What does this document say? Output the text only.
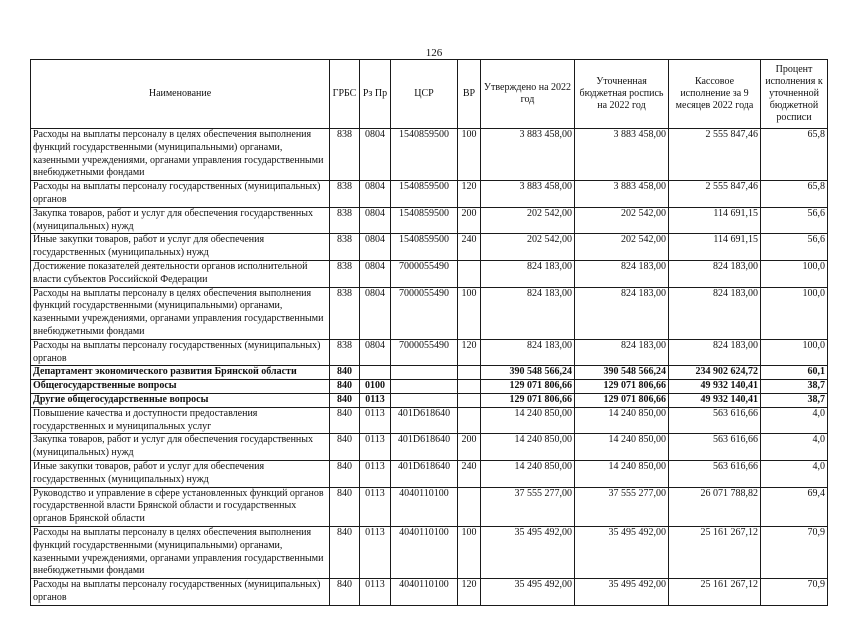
126
Наименование	ГРБС	Рз Пр	ЦСР	ВР	Утверждено на 2022 год	Уточненная бюджетная роспись на 2022 год	Кассовое исполнение за 9 месяцев 2022 года	Процент исполнения к уточненной бюджетной росписи
Расходы на выплаты персоналу в целях обеспечения выполнения функций государственными (муниципальными) органами, казенными учреждениями, органами управления государственными внебюджетными фондами	838	0804	1540859500	100	3 883 458,00	3 883 458,00	2 555 847,46	65,8
Расходы на выплаты персоналу государственных (муниципальных) органов	838	0804	1540859500	120	3 883 458,00	3 883 458,00	2 555 847,46	65,8
Закупка товаров, работ и услуг для обеспечения государственных (муниципальных) нужд	838	0804	1540859500	200	202 542,00	202 542,00	114 691,15	56,6
Иные закупки товаров, работ и услуг для обеспечения государственных (муниципальных) нужд	838	0804	1540859500	240	202 542,00	202 542,00	114 691,15	56,6
Достижение показателей деятельности органов исполнительной власти субъектов Российской Федерации	838	0804	7000055490		824 183,00	824 183,00	824 183,00	100,0
Расходы на выплаты персоналу в целях обеспечения выполнения функций государственными (муниципальными) органами, казенными учреждениями, органами управления государственными внебюджетными фондами	838	0804	7000055490	100	824 183,00	824 183,00	824 183,00	100,0
Расходы на выплаты персоналу государственных (муниципальных) органов	838	0804	7000055490	120	824 183,00	824 183,00	824 183,00	100,0
Департамент экономического развития Брянской области	840				390 548 566,24	390 548 566,24	234 902 624,72	60,1
Общегосударственные вопросы	840	0100			129 071 806,66	129 071 806,66	49 932 140,41	38,7
Другие общегосударственные вопросы	840	0113			129 071 806,66	129 071 806,66	49 932 140,41	38,7
Повышение качества и доступности предоставления государственных и муниципальных услуг	840	0113	401D618640		14 240 850,00	14 240 850,00	563 616,66	4,0
Закупка товаров, работ и услуг для обеспечения государственных (муниципальных) нужд	840	0113	401D618640	200	14 240 850,00	14 240 850,00	563 616,66	4,0
Иные закупки товаров, работ и услуг для обеспечения государственных (муниципальных) нужд	840	0113	401D618640	240	14 240 850,00	14 240 850,00	563 616,66	4,0
Руководство и управление в сфере установленных функций органов государственной власти Брянской области и государственных органов Брянской области	840	0113	4040110100		37 555 277,00	37 555 277,00	26 071 788,82	69,4
Расходы на выплаты персоналу в целях обеспечения выполнения функций государственными (муниципальными) органами, казенными учреждениями, органами управления государственными внебюджетными фондами	840	0113	4040110100	100	35 495 492,00	35 495 492,00	25 161 267,12	70,9
Расходы на выплаты персоналу государственных (муниципальных) органов	840	0113	4040110100	120	35 495 492,00	35 495 492,00	25 161 267,12	70,9
